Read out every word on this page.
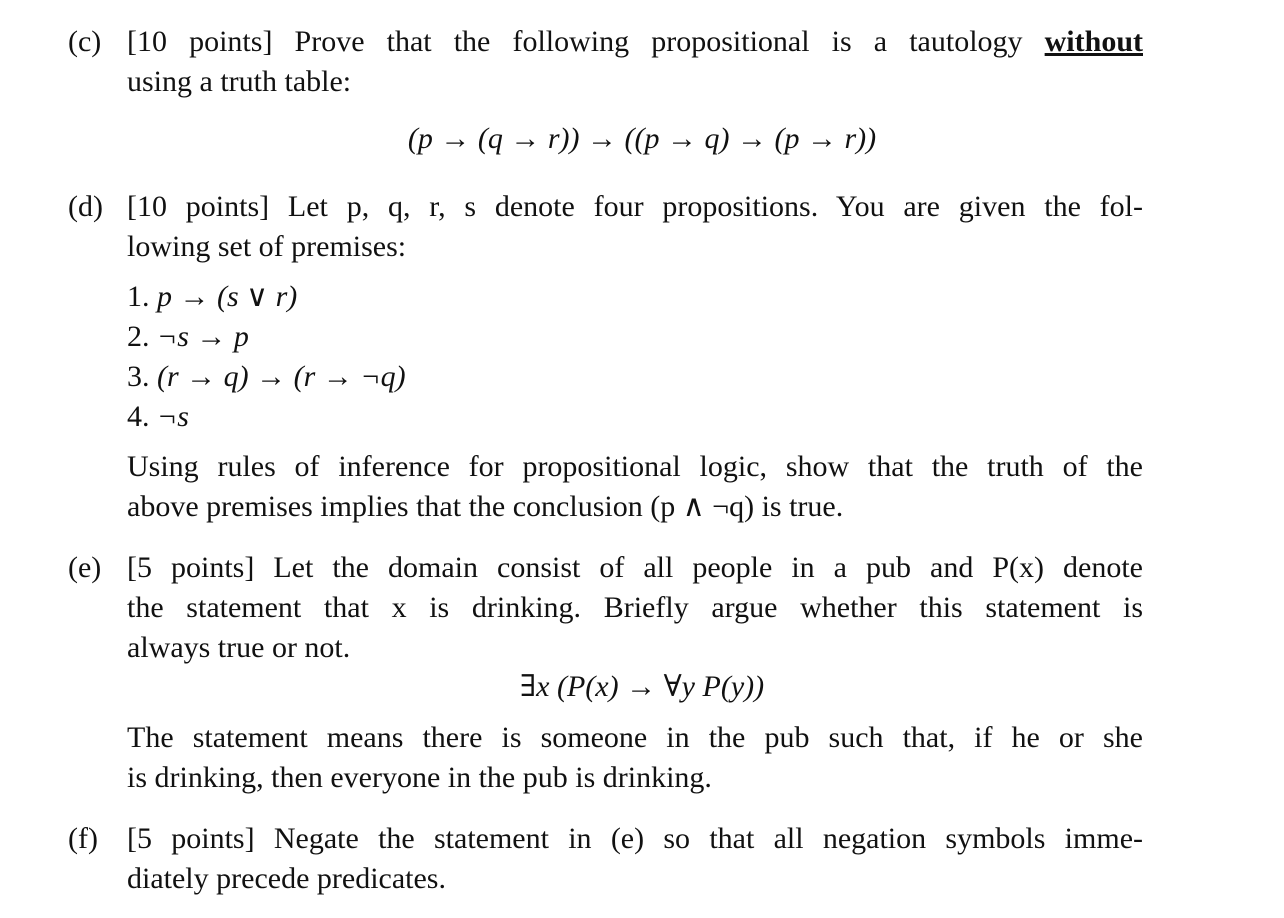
(c) [10 points] Prove that the following propositional is a tautology without
using a truth table:
(p → (q → r)) → ((p → q) → (p → r))
(d) [10 points] Let p, q, r, s denote four propositions. You are given the fol-
lowing set of premises:
1. p → (s ∨ r)
2. ¬s → p
3. (r → q) → (r → ¬q)
4. ¬s
Using rules of inference for propositional logic, show that the truth of the
above premises implies that the conclusion (p ∧ ¬q) is true.
(e) [5 points] Let the domain consist of all people in a pub and P(x) denote
the statement that x is drinking. Briefly argue whether this statement is
always true or not.
∃x (P(x) → ∀y P(y))
The statement means there is someone in the pub such that, if he or she
is drinking, then everyone in the pub is drinking.
(f) [5 points] Negate the statement in (e) so that all negation symbols imme-
diately precede predicates.
